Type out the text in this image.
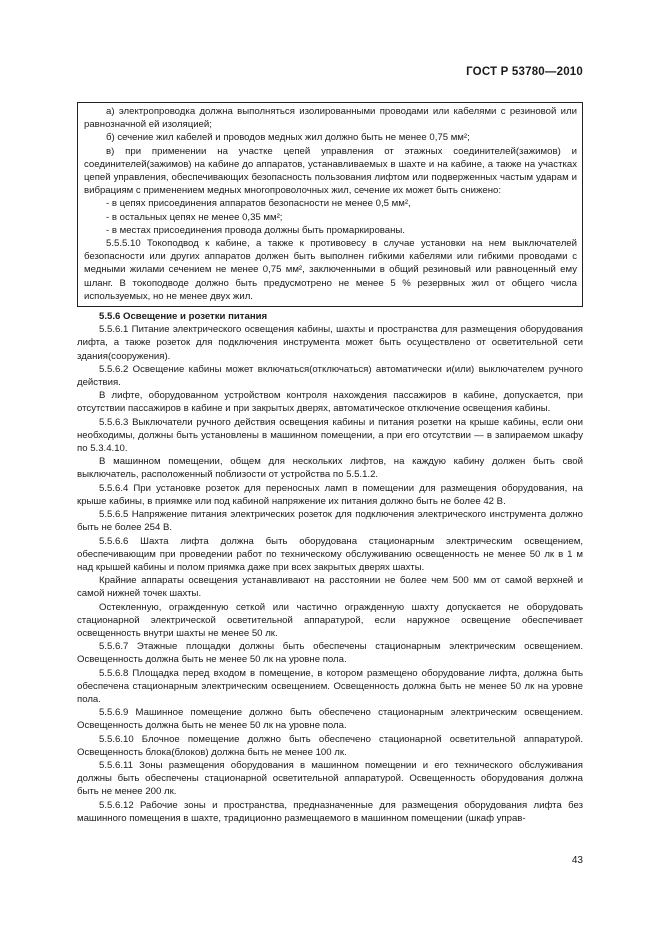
ГОСТ Р 53780—2010

а) электропроводка должна выполняться изолированными проводами или кабелями с резиновой или равнозначной ей изоляцией;

б) сечение жил кабелей и проводов медных жил должно быть не менее 0,75 мм²;

в) при применении на участке цепей управления от этажных соединителей(зажимов) и соединителей(зажимов) на кабине до аппаратов, устанавливаемых в шахте и на кабине, а также на участках цепей управления, обеспечивающих безопасность пользования лифтом или подверженных частым ударам и вибрациям с применением медных многопроволочных жил, сечение их может быть снижено:

- в цепях присоединения аппаратов безопасности не менее 0,5 мм²,

- в остальных цепях не менее 0,35 мм²;

- в местах присоединения провода должны быть промаркированы.

5.5.5.10 Токоподвод к кабине, а также к противовесу в случае установки на нем выключателей безопасности или других аппаратов должен быть выполнен гибкими кабелями или гибкими проводами с медными жилами сечением не менее 0,75 мм², заключенными в общий резиновый или равноценный ему шланг. В токоподводе должно быть предусмотрено не менее 5 % резервных жил от общего числа используемых, но не менее двух жил.

5.5.6 Освещение и розетки питания

5.5.6.1 Питание электрического освещения кабины, шахты и пространства для размещения оборудования лифта, а также розеток для подключения инструмента может быть осуществлено от осветительной сети здания(сооружения).

5.5.6.2 Освещение кабины может включаться(отключаться) автоматически и(или) выключателем ручного действия.

В лифте, оборудованном устройством контроля нахождения пассажиров в кабине, допускается, при отсутствии пассажиров в кабине и при закрытых дверях, автоматическое отключение освещения кабины.

5.5.6.3 Выключатели ручного действия освещения кабины и питания розетки на крыше кабины, если они необходимы, должны быть установлены в машинном помещении, а при его отсутствии — в запираемом шкафу по 5.3.4.10.

В машинном помещении, общем для нескольких лифтов, на каждую кабину должен быть свой выключатель, расположенный поблизости от устройства по 5.5.1.2.

5.5.6.4 При установке розеток для переносных ламп в помещении для размещения оборудования, на крыше кабины, в приямке или под кабиной напряжение их питания должно быть не более 42 В.

5.5.6.5 Напряжение питания электрических розеток для подключения электрического инструмента должно быть не более 254 В.

5.5.6.6 Шахта лифта должна быть оборудована стационарным электрическим освещением, обеспечивающим при проведении работ по техническому обслуживанию освещенность не менее 50 лк в 1 м над крышей кабины и полом приямка даже при всех закрытых дверях шахты.

Крайние аппараты освещения устанавливают на расстоянии не более чем 500 мм от самой верхней и самой нижней точек шахты.

Остекленную, огражденную сеткой или частично огражденную шахту допускается не оборудовать стационарной электрической осветительной аппаратурой, если наружное освещение обеспечивает освещенность внутри шахты не менее 50 лк.

5.5.6.7 Этажные площадки должны быть обеспечены стационарным электрическим освещением. Освещенность должна быть не менее 50 лк на уровне пола.

5.5.6.8 Площадка перед входом в помещение, в котором размещено оборудование лифта, должна быть обеспечена стационарным электрическим освещением. Освещенность должна быть не менее 50 лк на уровне пола.

5.5.6.9 Машинное помещение должно быть обеспечено стационарным электрическим освещением. Освещенность должна быть не менее 50 лк на уровне пола.

5.5.6.10 Блочное помещение должно быть обеспечено стационарной осветительной аппаратурой. Освещенность блока(блоков) должна быть не менее 100 лк.

5.5.6.11 Зоны размещения оборудования в машинном помещении и его технического обслуживания должны быть обеспечены стационарной осветительной аппаратурой. Освещенность оборудования должна быть не менее 200 лк.

5.5.6.12 Рабочие зоны и пространства, предназначенные для размещения оборудования лифта без машинного помещения в шахте, традиционно размещаемого в машинном помещении (шкаф управ-

43
